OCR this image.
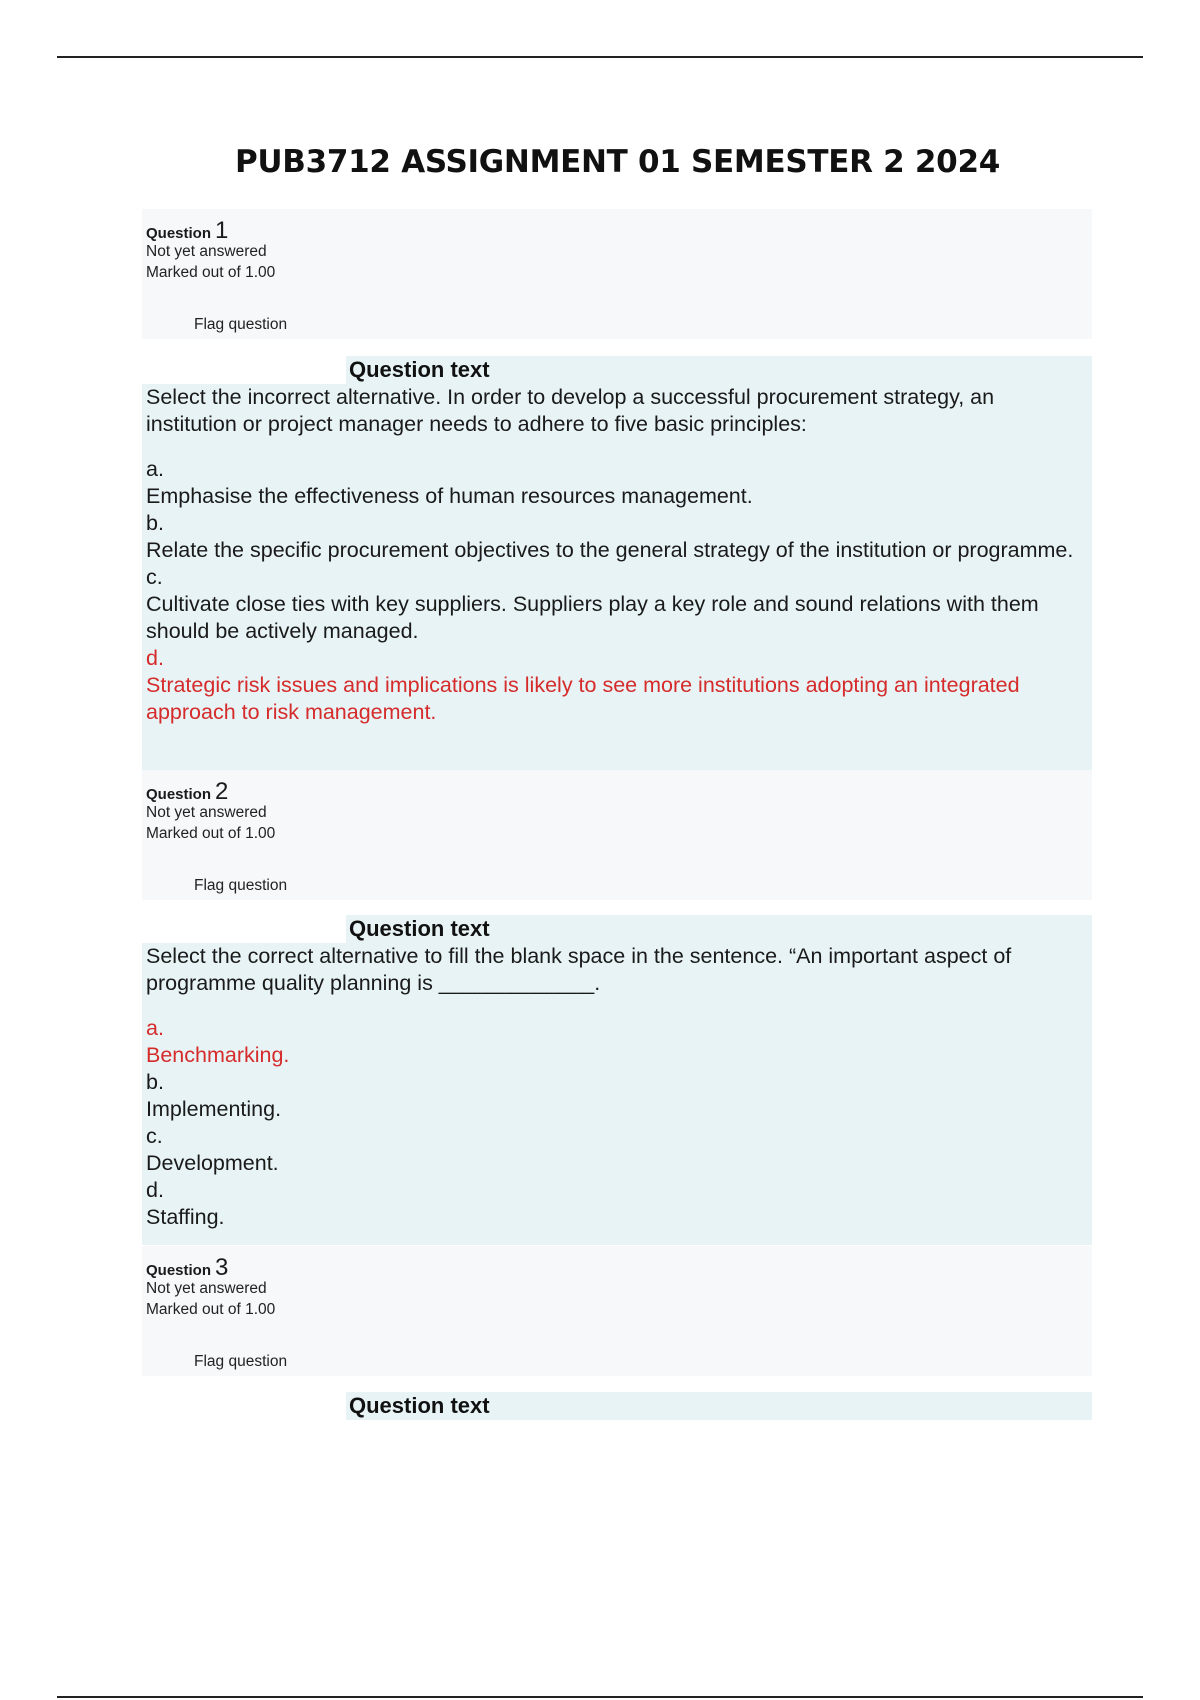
PUB3712 ASSIGNMENT 01 SEMESTER 2 2024
Question 1
Not yet answered
Marked out of 1.00
Flag question
Question text

Select the incorrect alternative. In order to develop a successful procurement strategy, an institution or project manager needs to adhere to five basic principles:

a.

Emphasise the effectiveness of human resources management.

b.

Relate the specific procurement objectives to the general strategy of the institution or programme.

c.

Cultivate close ties with key suppliers. Suppliers play a key role and sound relations with them should be actively managed.

d.

Strategic risk issues and implications is likely to see more institutions adopting an integrated approach to risk management.

Question 2
Not yet answered
Marked out of 1.00
Flag question
Question text

Select the correct alternative to fill the blank space in the sentence. “An important aspect of programme quality planning is _____________.

a.

Benchmarking.

b.

Implementing.

c.

Development.

d.

Staffing.

Question 3
Not yet answered
Marked out of 1.00
Flag question
Question text
